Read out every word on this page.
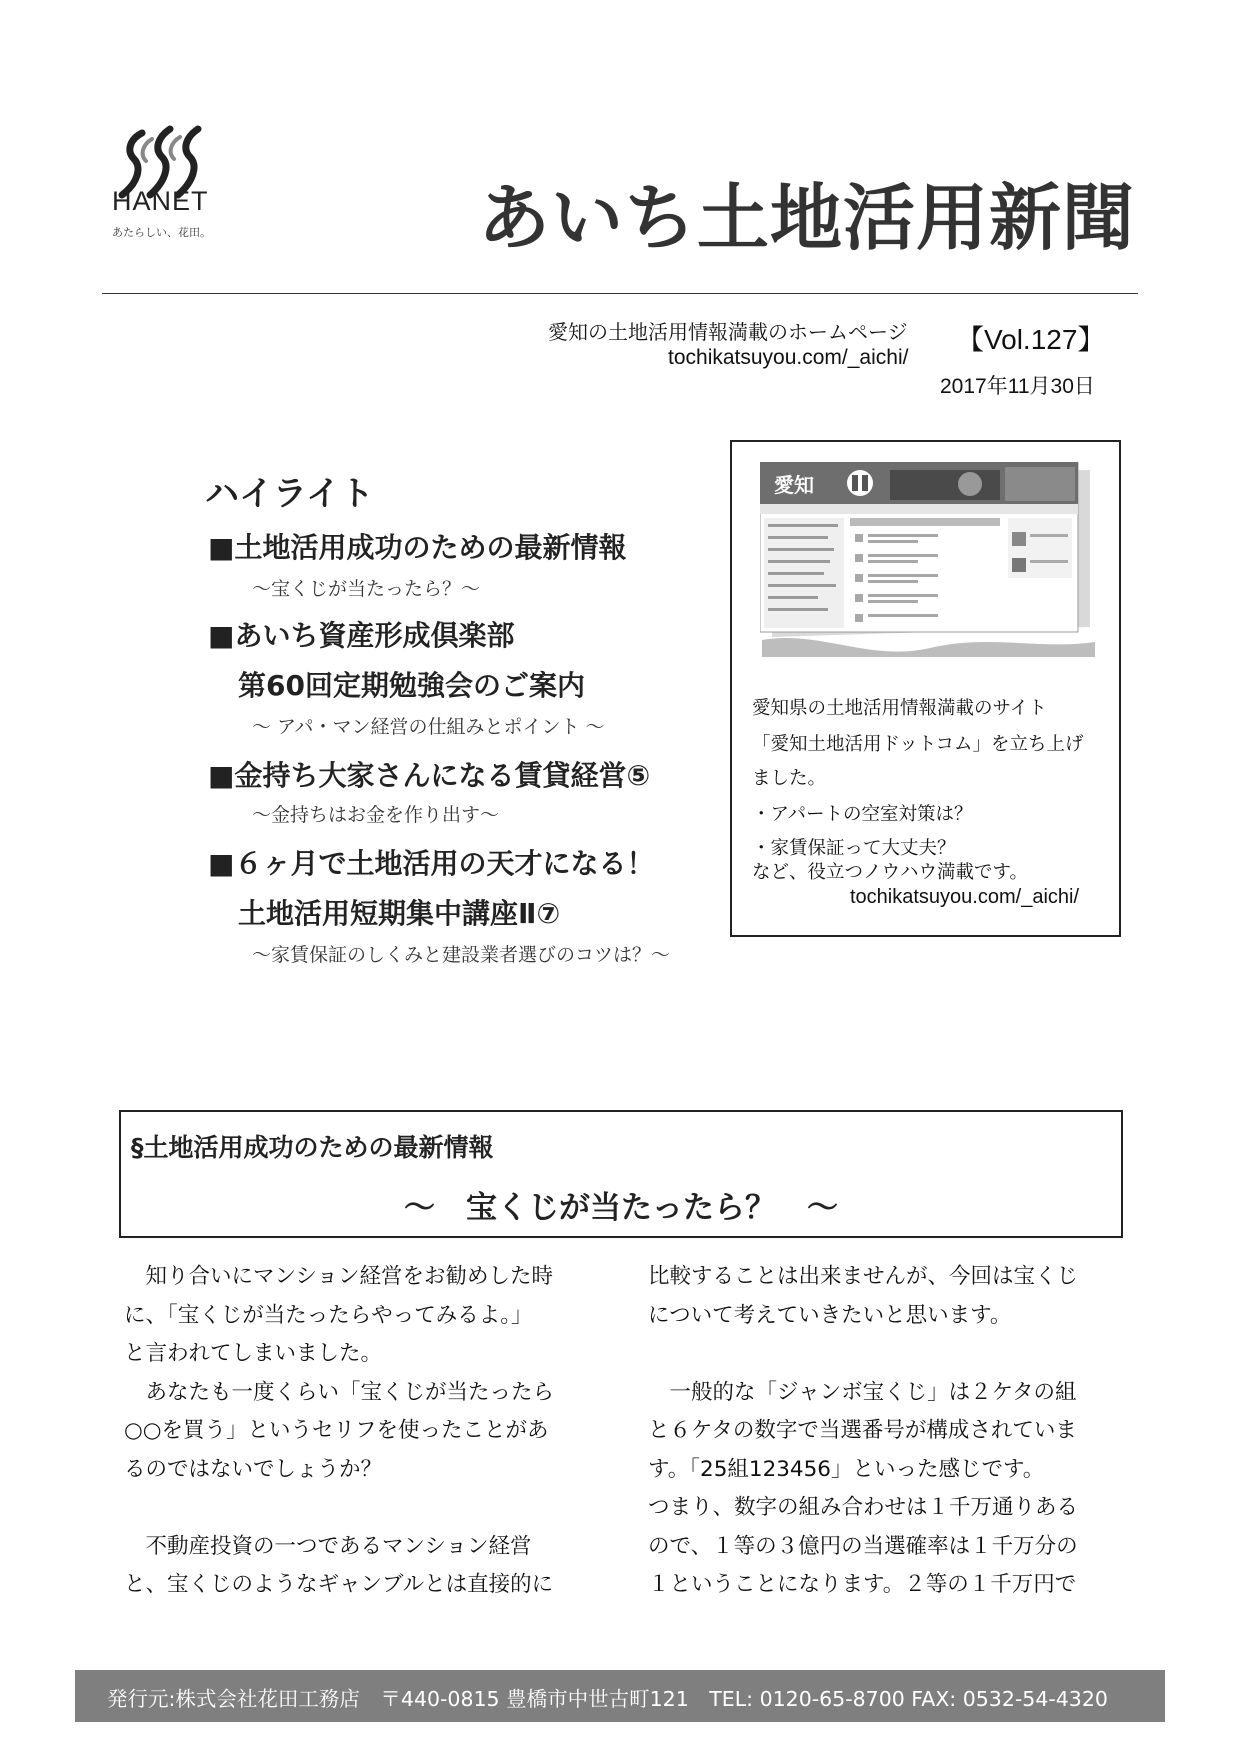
HANET
あたらしい、花田。	あいち土地活用新聞
愛知の土地活用情報満載のホームページ
tochikatsuyou.com/_aichi/
【Vol.127】
2017年11月30日
ハイライト
■土地活用成功のための最新情報
～宝くじが当たったら？～
■あいち資産形成倶楽部
第60回定期勉強会のご案内
～ アパ・マン経営の仕組みとポイント ～
■金持ち大家さんになる賃貸経営⑤
～金持ちはお金を作り出す～
■６ヶ月で土地活用の天才になる！
土地活用短期集中講座Ⅱ⑦
～家賃保証のしくみと建設業者選びのコツは？～
愛知
愛知県の土地活用情報満載のサイト
「愛知土地活用ドットコム」を立ち上げ
ました。
・アパートの空室対策は？
・家賃保証って大丈夫？
など、役立つノウハウ満載です。
tochikatsuyou.com/_aichi/
§土地活用成功のための最新情報
～　宝くじが当たったら？　～
　知り合いにマンション経営をお勧めした時
に、「宝くじが当たったらやってみるよ。」
と言われてしまいました。
　あなたも一度くらい「宝くじが当たったら
○○を買う」というセリフを使ったことがあ
るのではないでしょうか？
　不動産投資の一つであるマンション経営
と、宝くじのようなギャンブルとは直接的に
比較することは出来ませんが、今回は宝くじ
について考えていきたいと思います。
　一般的な「ジャンボ宝くじ」は２ケタの組
と６ケタの数字で当選番号が構成されていま
す。「25組123456」といった感じです。
つまり、数字の組み合わせは１千万通りある
ので、１等の３億円の当選確率は１千万分の
１ということになります。２等の１千万円で
発行元:株式会社花田工務店　〒440-0815 豊橋市中世古町121　TEL: 0120-65-8700 FAX: 0532-54-4320
